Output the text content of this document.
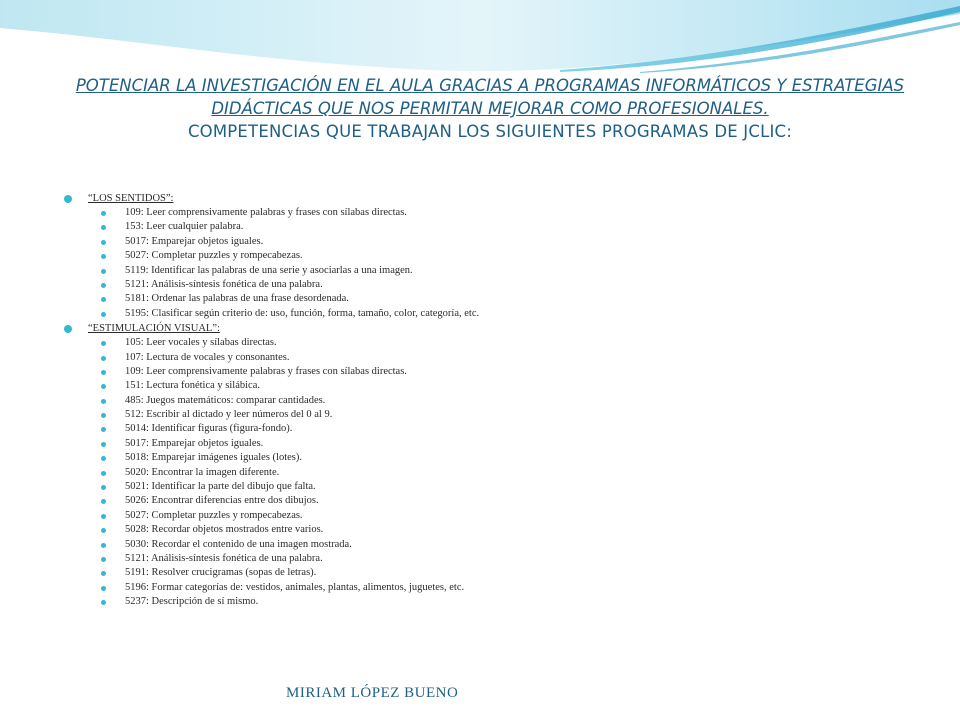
POTENCIAR LA INVESTIGACIÓN EN EL AULA GRACIAS A PROGRAMAS INFORMÁTICOS Y ESTRATEGIAS

DIDÁCTICAS QUE NOS PERMITAN MEJORAR COMO PROFESIONALES.

COMPETENCIAS QUE TRABAJAN LOS SIGUIENTES PROGRAMAS DE JCLIC:

“LOS SENTIDOS”:
109: Leer comprensivamente palabras y frases con sílabas directas.
153: Leer cualquier palabra.
5017: Emparejar objetos iguales.
5027: Completar puzzles y rompecabezas.
5119: Identificar las palabras de una serie y asociarlas a una imagen.
5121: Análisis-síntesis fonética de una palabra.
5181: Ordenar las palabras de una frase desordenada.
5195: Clasificar según criterio de: uso, función, forma, tamaño, color, categoría, etc.
“ESTIMULACIÓN VISUAL”:
105: Leer vocales y sílabas directas.
107: Lectura de vocales y consonantes.
109: Leer comprensivamente palabras y frases con sílabas directas.
151: Lectura fonética y silábica.
485: Juegos matemáticos: comparar cantidades.
512: Escribir al dictado y leer números del 0 al 9.
5014: Identificar figuras (figura-fondo).
5017: Emparejar objetos iguales.
5018: Emparejar imágenes iguales (lotes).
5020: Encontrar la imagen diferente.
5021: Identificar la parte del dibujo que falta.
5026: Encontrar diferencias entre dos dibujos.
5027: Completar puzzles y rompecabezas.
5028: Recordar objetos mostrados entre varios.
5030: Recordar el contenido de una imagen mostrada.
5121: Análisis-síntesis fonética de una palabra.
5191: Resolver crucigramas (sopas de letras).
5196: Formar categorías de: vestidos, animales, plantas, alimentos, juguetes, etc.
5237: Descripción de sí mismo.
MIRIAM LÓPEZ BUENO
